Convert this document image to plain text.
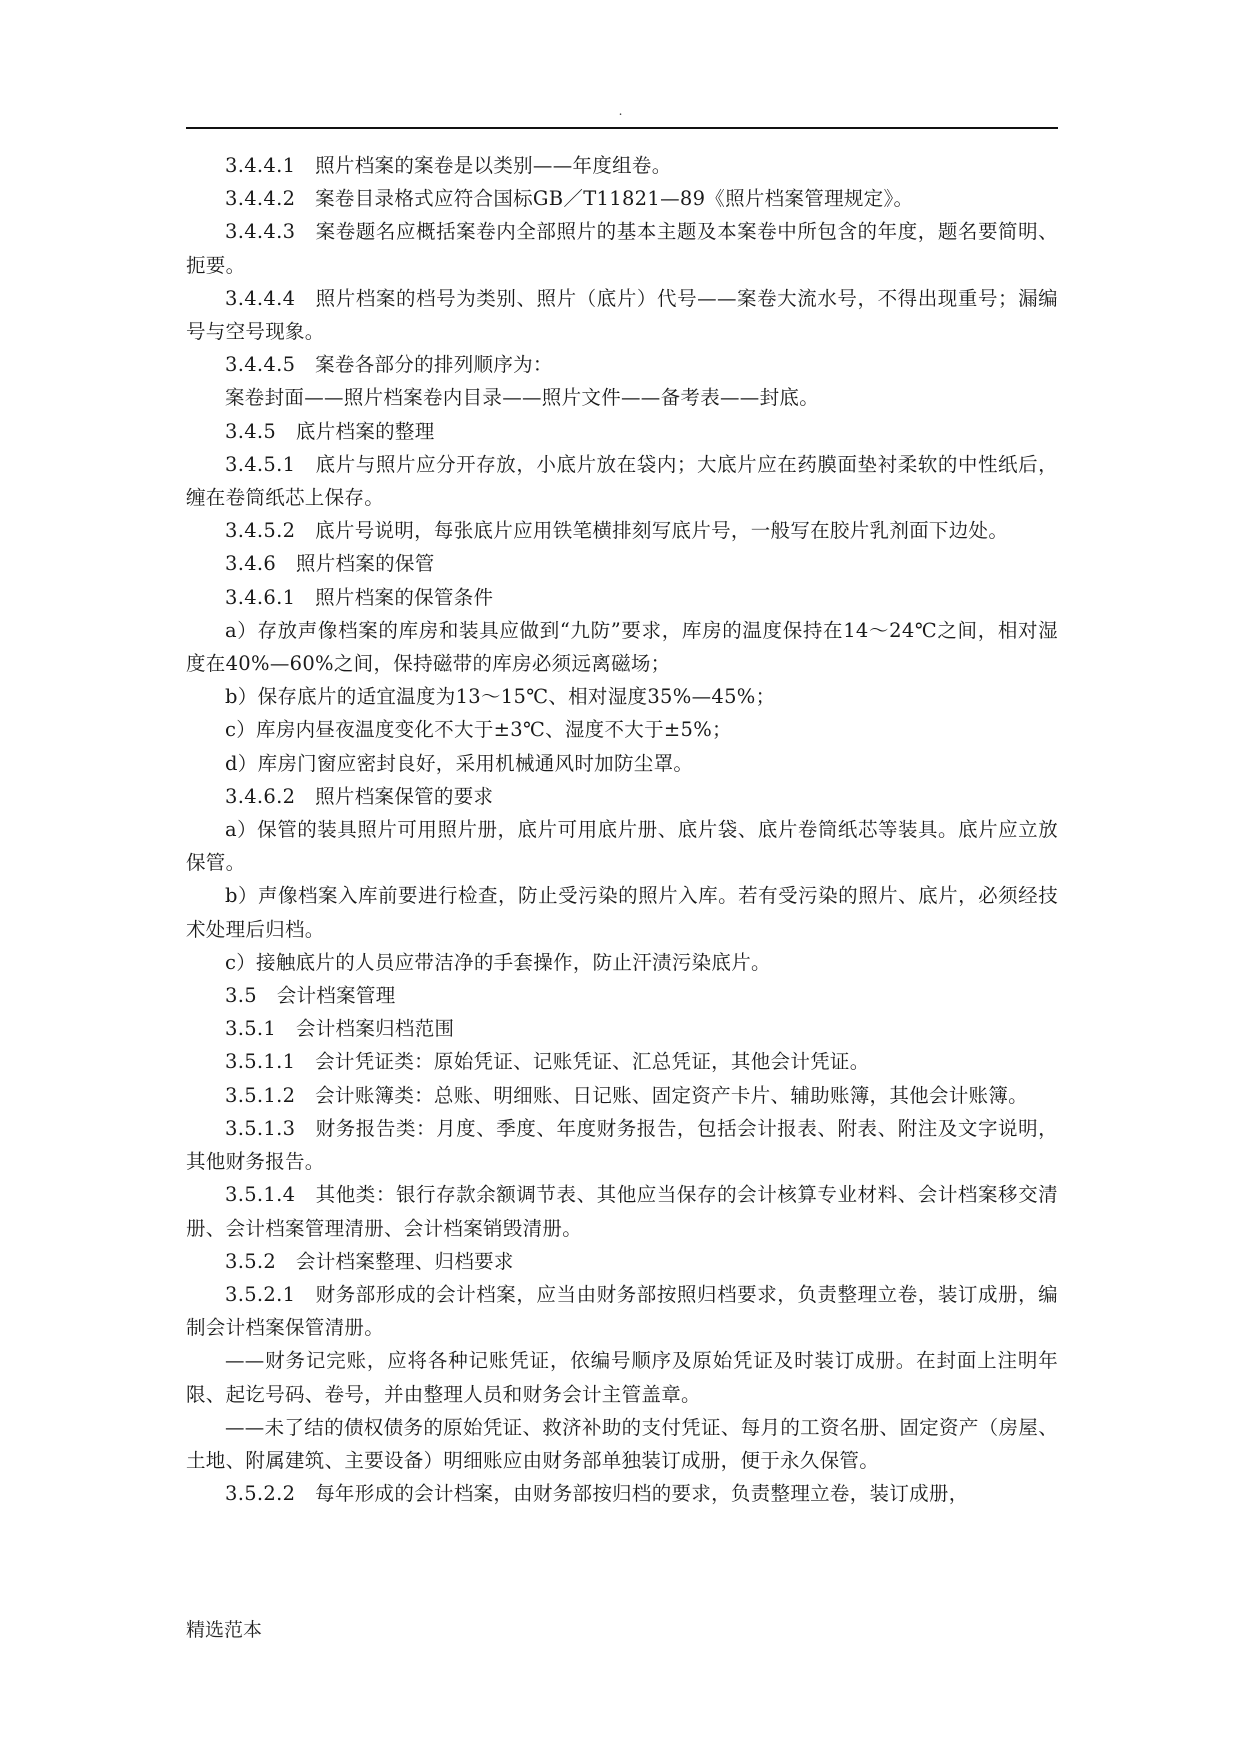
.

3.4.4.1　照片档案的案卷是以类别——年度组卷。

3.4.4.2　案卷目录格式应符合国标GB／T11821—89《照片档案管理规定》。

3.4.4.3　案卷题名应概括案卷内全部照片的基本主题及本案卷中所包含的年度，题名要简明、扼要。

3.4.4.4　照片档案的档号为类别、照片（底片）代号——案卷大流水号，不得出现重号；漏编号与空号现象。

3.4.4.5　案卷各部分的排列顺序为：

案卷封面——照片档案卷内目录——照片文件——备考表——封底。

3.4.5　底片档案的整理

3.4.5.1　底片与照片应分开存放，小底片放在袋内；大底片应在药膜面垫衬柔软的中性纸后，缠在卷筒纸芯上保存。

3.4.5.2　底片号说明，每张底片应用铁笔横排刻写底片号，一般写在胶片乳剂面下边处。

3.4.6　照片档案的保管

3.4.6.1　照片档案的保管条件

a）存放声像档案的库房和装具应做到“九防”要求，库房的温度保持在14～24℃之间，相对湿度在40%—60%之间，保持磁带的库房必须远离磁场；

b）保存底片的适宜温度为13～15℃、相对湿度35%—45%；

c）库房内昼夜温度变化不大于±3℃、湿度不大于±5%；

d）库房门窗应密封良好，采用机械通风时加防尘罩。

3.4.6.2　照片档案保管的要求

a）保管的装具照片可用照片册，底片可用底片册、底片袋、底片卷筒纸芯等装具。底片应立放保管。

b）声像档案入库前要进行检查，防止受污染的照片入库。若有受污染的照片、底片，必须经技术处理后归档。

c）接触底片的人员应带洁净的手套操作，防止汗渍污染底片。

3.5　会计档案管理

3.5.1　会计档案归档范围

3.5.1.1　会计凭证类：原始凭证、记账凭证、汇总凭证，其他会计凭证。

3.5.1.2　会计账簿类：总账、明细账、日记账、固定资产卡片、辅助账簿，其他会计账簿。

3.5.1.3　财务报告类：月度、季度、年度财务报告，包括会计报表、附表、附注及文字说明，其他财务报告。

3.5.1.4　其他类：银行存款余额调节表、其他应当保存的会计核算专业材料、会计档案移交清册、会计档案管理清册、会计档案销毁清册。

3.5.2　会计档案整理、归档要求

3.5.2.1　财务部形成的会计档案，应当由财务部按照归档要求，负责整理立卷，装订成册，编制会计档案保管清册。

——财务记完账，应将各种记账凭证，依编号顺序及原始凭证及时装订成册。在封面上注明年限、起讫号码、卷号，并由整理人员和财务会计主管盖章。

——未了结的债权债务的原始凭证、救济补助的支付凭证、每月的工资名册、固定资产（房屋、土地、附属建筑、主要设备）明细账应由财务部单独装订成册，便于永久保管。

3.5.2.2　每年形成的会计档案，由财务部按归档的要求，负责整理立卷，装订成册，

精选范本
